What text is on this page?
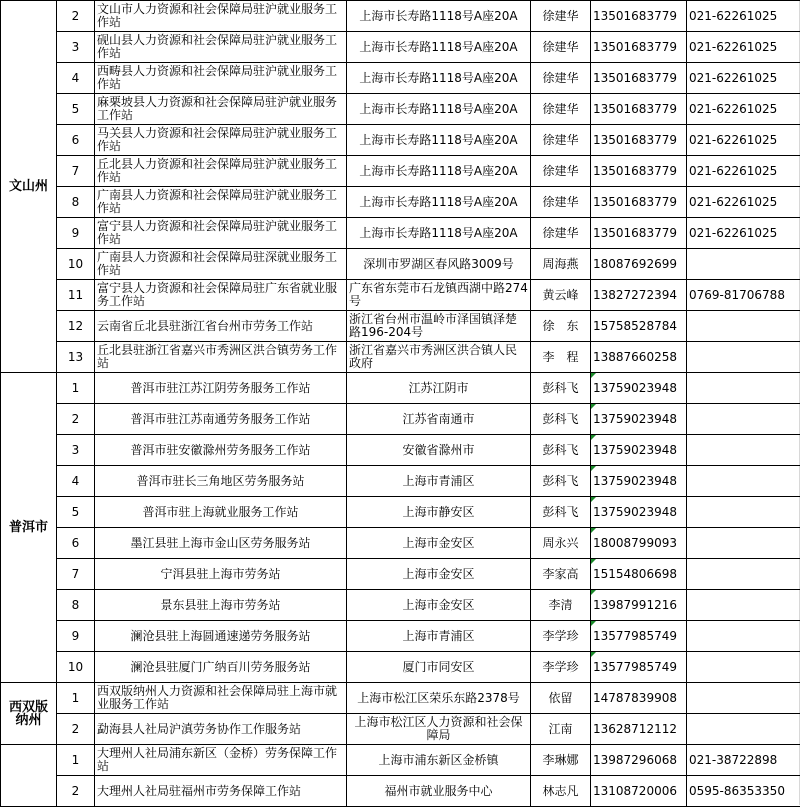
文山州	2	文山市人力资源和社会保障局驻沪就业服务工作站	上海市长寿路1118号A座20A	徐建华	13501683779	021-62261025
	3	砚山县人力资源和社会保障局驻沪就业服务工作站	上海市长寿路1118号A座20A	徐建华	13501683779	021-62261025
	4	西畴县人力资源和社会保障局驻沪就业服务工作站	上海市长寿路1118号A座20A	徐建华	13501683779	021-62261025
	5	麻栗坡县人力资源和社会保障局驻沪就业服务工作站	上海市长寿路1118号A座20A	徐建华	13501683779	021-62261025
	6	马关县人力资源和社会保障局驻沪就业服务工作站	上海市长寿路1118号A座20A	徐建华	13501683779	021-62261025
	7	丘北县人力资源和社会保障局驻沪就业服务工作站	上海市长寿路1118号A座20A	徐建华	13501683779	021-62261025
	8	广南县人力资源和社会保障局驻沪就业服务工作站	上海市长寿路1118号A座20A	徐建华	13501683779	021-62261025
	9	富宁县人力资源和社会保障局驻沪就业服务工作站	上海市长寿路1118号A座20A	徐建华	13501683779	021-62261025
	10	广南县人力资源和社会保障局驻深就业服务工作站	深圳市罗湖区春风路3009号	周海燕	18087692699	
	11	富宁县人力资源和社会保障局驻广东省就业服务工作站	广东省东莞市石龙镇西湖中路274号	黄云峰	13827272394	0769-81706788
	12	云南省丘北县驻浙江省台州市劳务工作站	浙江省台州市温岭市泽国镇泽楚路196-204号	徐　东	15758528784	
	13	丘北县驻浙江省嘉兴市秀洲区洪合镇劳务工作站	浙江省嘉兴市秀洲区洪合镇人民政府	李　程	13887660258	
普洱市	1	普洱市驻江苏江阴劳务服务工作站	江苏江阴市	彭科飞	13759023948	
	2	普洱市驻江苏南通劳务服务工作站	江苏省南通市	彭科飞	13759023948	
	3	普洱市驻安徽滁州劳务服务工作站	安徽省滁州市	彭科飞	13759023948	
	4	普洱市驻长三角地区劳务服务站	上海市青浦区	彭科飞	13759023948	
	5	普洱市驻上海就业服务工作站	上海市静安区	彭科飞	13759023948	
	6	墨江县驻上海市金山区劳务服务站	上海市金安区	周永兴	18008799093	
	7	宁洱县驻上海市劳务站	上海市金安区	李家高	15154806698	
	8	景东县驻上海市劳务站	上海市金安区	李清	13987991216	
	9	澜沧县驻上海圆通速递劳务服务站	上海市青浦区	李学珍	13577985749	
	10	澜沧县驻厦门广纳百川劳务服务站	厦门市同安区	李学珍	13577985749	
西双版纳州	1	西双版纳州人力资源和社会保障局驻上海市就业服务工作站	上海市松江区荣乐东路2378号	依留	14787839908	
	2	勐海县人社局沪滇劳务协作工作服务站	上海市松江区人力资源和社会保障局	江南	13628712112	
	1	大理州人社局浦东新区（金桥）劳务保障工作站	上海市浦东新区金桥镇	李琳娜	13987296068	021-38722898
	2	大理州人社局驻福州市劳务保障工作站	福州市就业服务中心	林志凡	13108720006	0595-86353350
